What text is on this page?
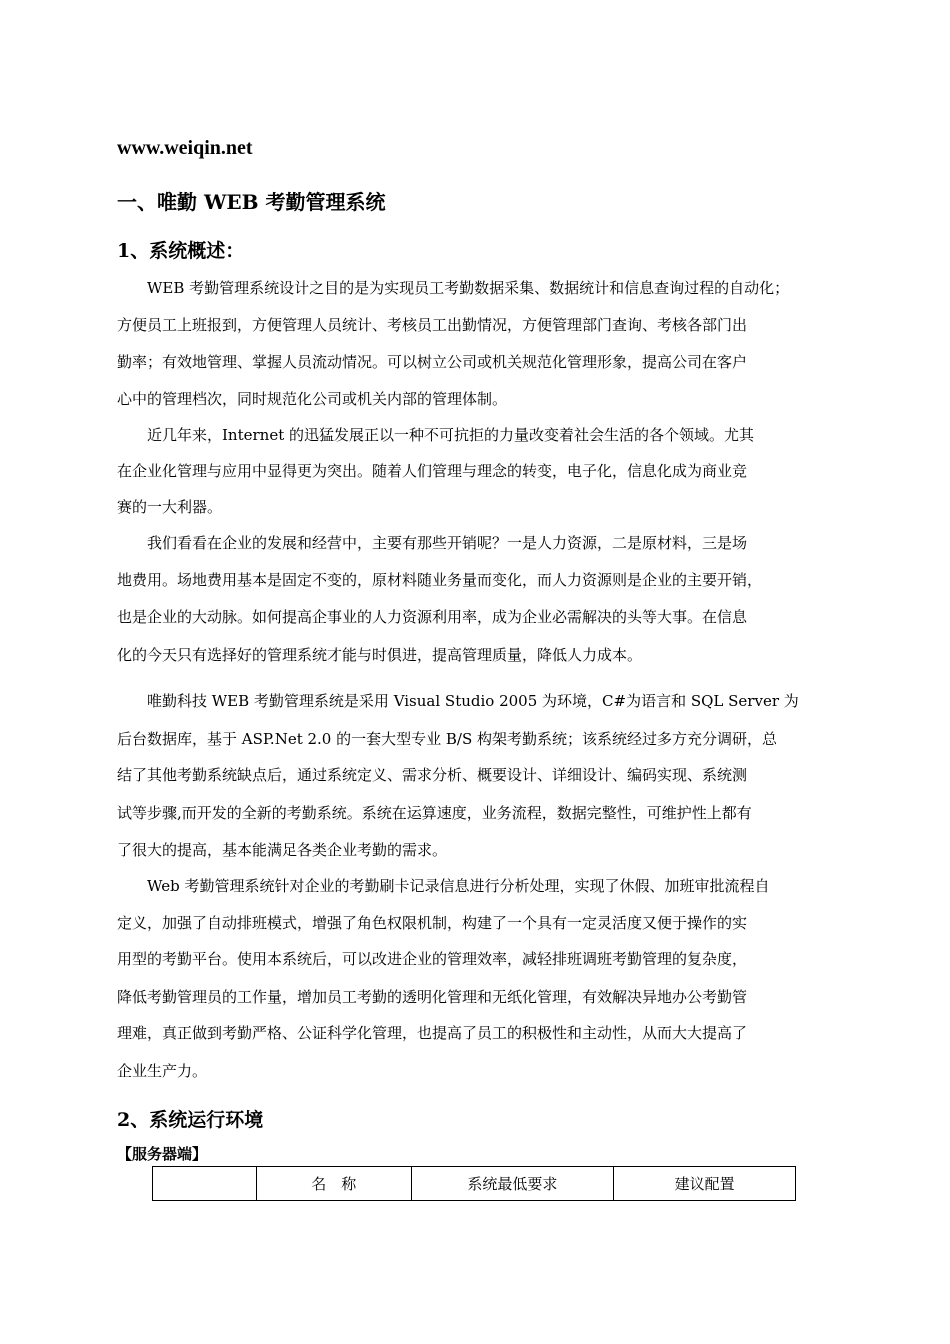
www.weiqin.net
一、唯勤 WEB 考勤管理系统
1、系统概述：
WEB 考勤管理系统设计之目的是为实现员工考勤数据采集、数据统计和信息查询过程的自动化；
方便员工上班报到，方便管理人员统计、考核员工出勤情况，方便管理部门查询、考核各部门出
勤率；有效地管理、掌握人员流动情况。可以树立公司或机关规范化管理形象，提高公司在客户
心中的管理档次，同时规范化公司或机关内部的管理体制。
近几年来，Internet 的迅猛发展正以一种不可抗拒的力量改变着社会生活的各个领域。尤其
在企业化管理与应用中显得更为突出。随着人们管理与理念的转变，电子化，信息化成为商业竞
赛的一大利器。
我们看看在企业的发展和经营中，主要有那些开销呢？一是人力资源，二是原材料，三是场
地费用。场地费用基本是固定不变的，原材料随业务量而变化，而人力资源则是企业的主要开销，
也是企业的大动脉。如何提高企事业的人力资源利用率，成为企业必需解决的头等大事。在信息
化的今天只有选择好的管理系统才能与时俱进，提高管理质量，降低人力成本。
唯勤科技 WEB 考勤管理系统是采用 Visual Studio 2005 为环境，C#为语言和 SQL Server 为
后台数据库，基于 ASP.Net 2.0 的一套大型专业 B/S 构架考勤系统；该系统经过多方充分调研，总
结了其他考勤系统缺点后，通过系统定义、需求分析、概要设计、详细设计、编码实现、系统测
试等步骤,而开发的全新的考勤系统。系统在运算速度，业务流程，数据完整性，可维护性上都有
了很大的提高，基本能满足各类企业考勤的需求。
Web 考勤管理系统针对企业的考勤刷卡记录信息进行分析处理，实现了休假、加班审批流程自
定义，加强了自动排班模式，增强了角色权限机制，构建了一个具有一定灵活度又便于操作的实
用型的考勤平台。使用本系统后，可以改进企业的管理效率，减轻排班调班考勤管理的复杂度，
降低考勤管理员的工作量，增加员工考勤的透明化管理和无纸化管理，有效解决异地办公考勤管
理难，真正做到考勤严格、公证科学化管理，也提高了员工的积极性和主动性，从而大大提高了
企业生产力。
2、系统运行环境
【服务器端】
	名　称	系统最低要求	建议配置
